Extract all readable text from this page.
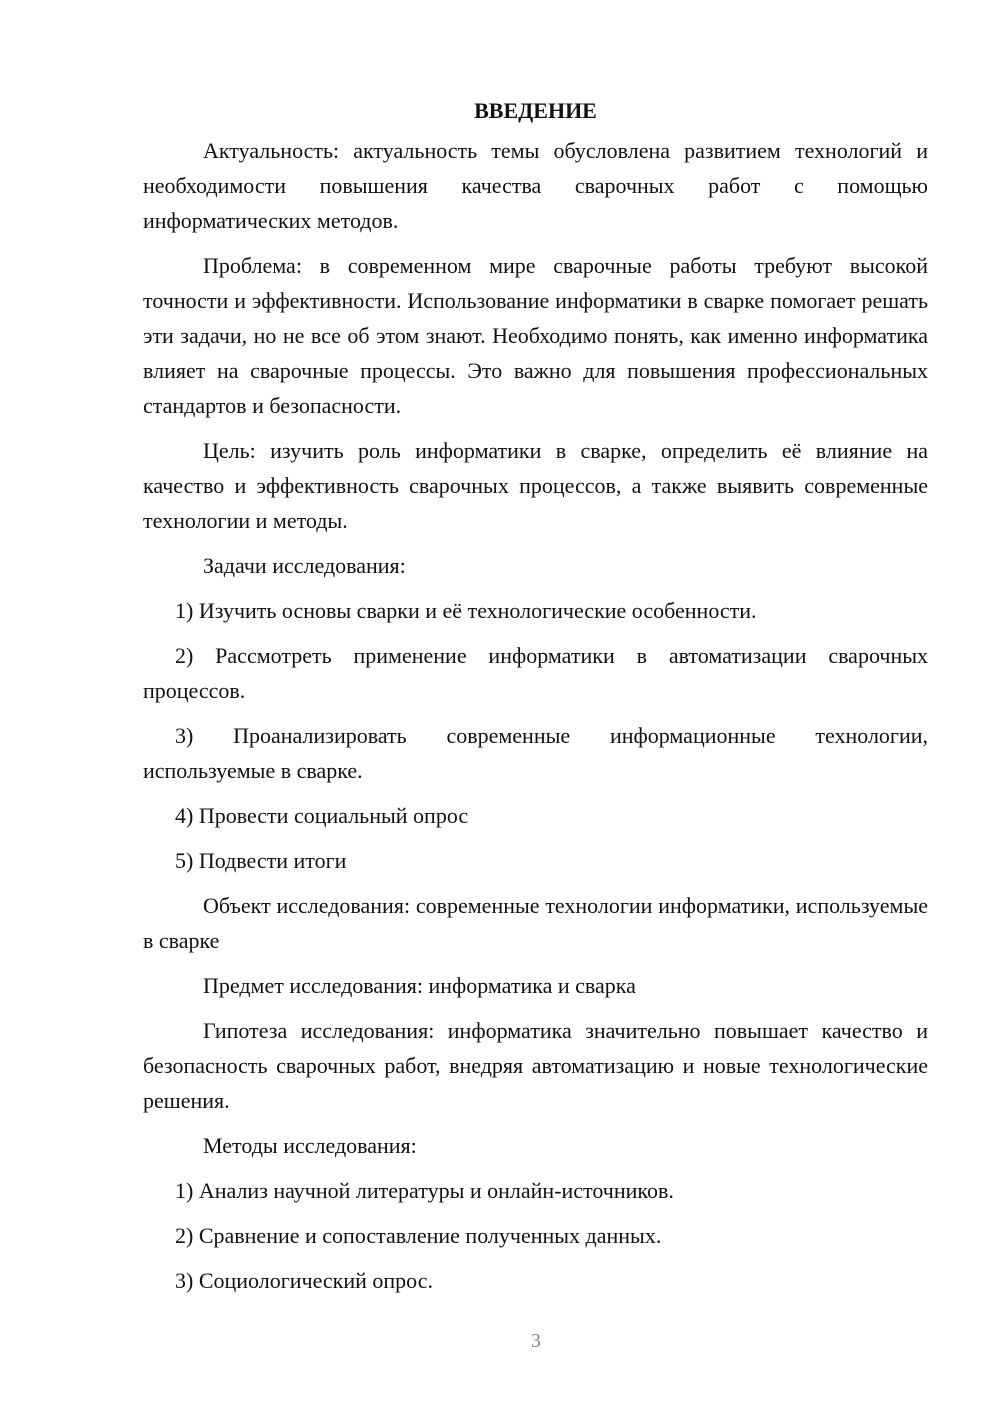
ВВЕДЕНИЕ

Актуальность: актуальность темы обусловлена развитием технологий и необходимости повышения качества сварочных работ с помощью информатических методов.

Проблема: в современном мире сварочные работы требуют высокой точности и эффективности. Использование информатики в сварке помогает решать эти задачи, но не все об этом знают. Необходимо понять, как именно информатика влияет на сварочные процессы. Это важно для повышения профессиональных стандартов и безопасности.

Цель: изучить роль информатики в сварке, определить её влияние на качество и эффективность сварочных процессов, а также выявить современные технологии и методы.

Задачи исследования:

1) Изучить основы сварки и её технологические особенности.

2) Рассмотреть применение информатики в автоматизации сварочных процессов.

3) Проанализировать современные информационные технологии, используемые в сварке.

4) Провести социальный опрос

5) Подвести итоги

Объект исследования: современные технологии информатики, используемые в сварке

Предмет исследования: информатика и сварка

Гипотеза исследования: информатика значительно повышает качество и безопасность сварочных работ, внедряя автоматизацию и новые технологические решения.

Методы исследования:

1) Анализ научной литературы и онлайн-источников.

2) Сравнение и сопоставление полученных данных.

3) Социологический опрос.

3
